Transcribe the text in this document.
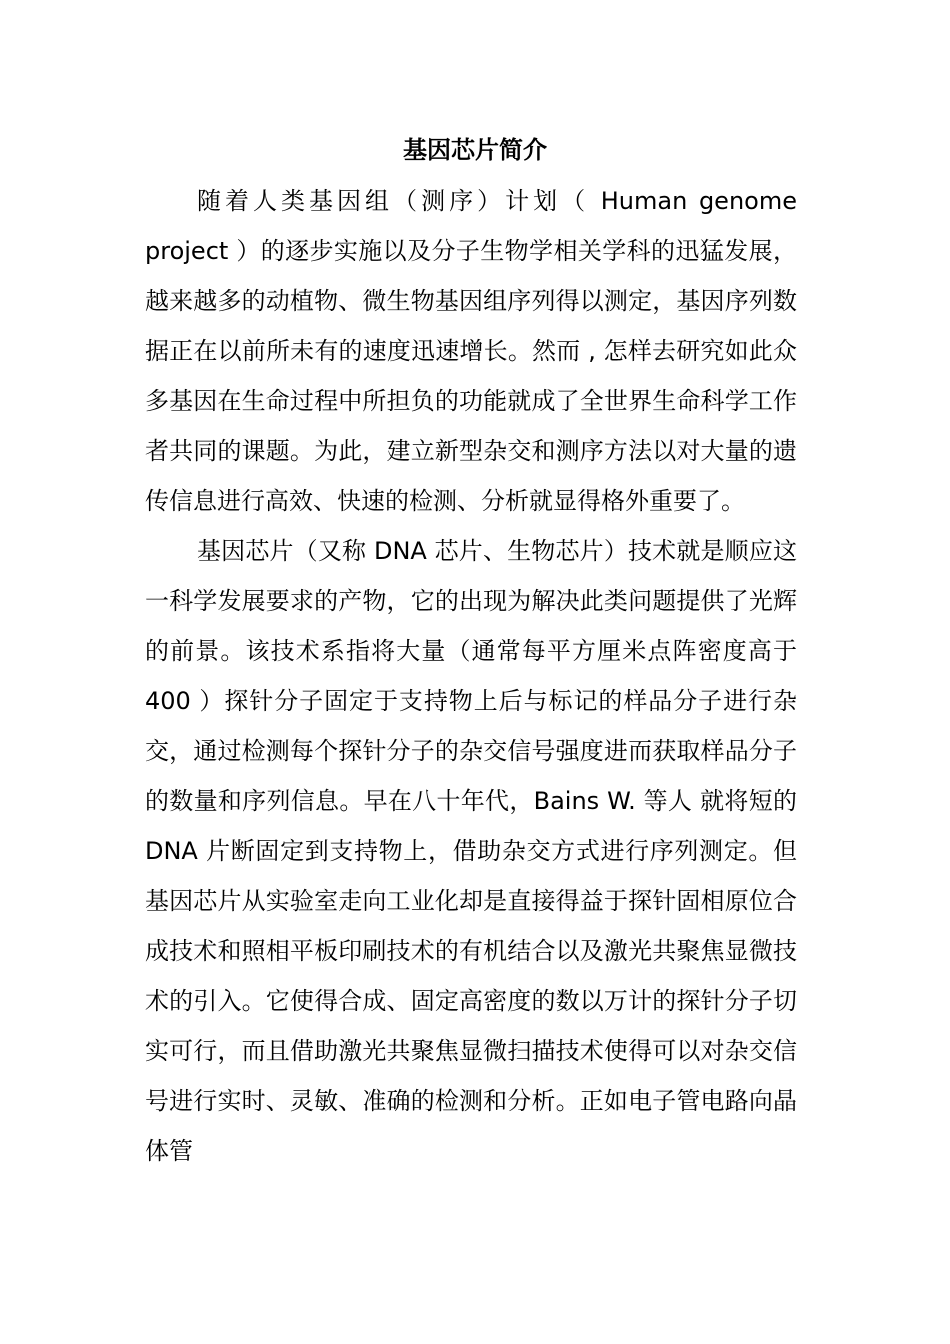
基因芯片简介

随着人类基因组（测序）计划（ Human genome project ）的逐步实施以及分子生物学相关学科的迅猛发展，越来越多的动植物、微生物基因组序列得以测定，基因序列数据正在以前所未有的速度迅速增长。然而 , 怎样去研究如此众多基因在生命过程中所担负的功能就成了全世界生命科学工作者共同的课题。为此，建立新型杂交和测序方法以对大量的遗传信息进行高效、快速的检测、分析就显得格外重要了。

基因芯片（又称 DNA 芯片、生物芯片）技术就是顺应这一科学发展要求的产物，它的出现为解决此类问题提供了光辉的前景。该技术系指将大量（通常每平方厘米点阵密度高于 400 ）探针分子固定于支持物上后与标记的样品分子进行杂交，通过检测每个探针分子的杂交信号强度进而获取样品分子的数量和序列信息。早在八十年代，Bains W. 等人 就将短的 DNA 片断固定到支持物上，借助杂交方式进行序列测定。但基因芯片从实验室走向工业化却是直接得益于探针固相原位合成技术和照相平板印刷技术的有机结合以及激光共聚焦显微技术的引入。它使得合成、固定高密度的数以万计的探针分子切实可行，而且借助激光共聚焦显微扫描技术使得可以对杂交信号进行实时、灵敏、准确的检测和分析。正如电子管电路向晶体管
